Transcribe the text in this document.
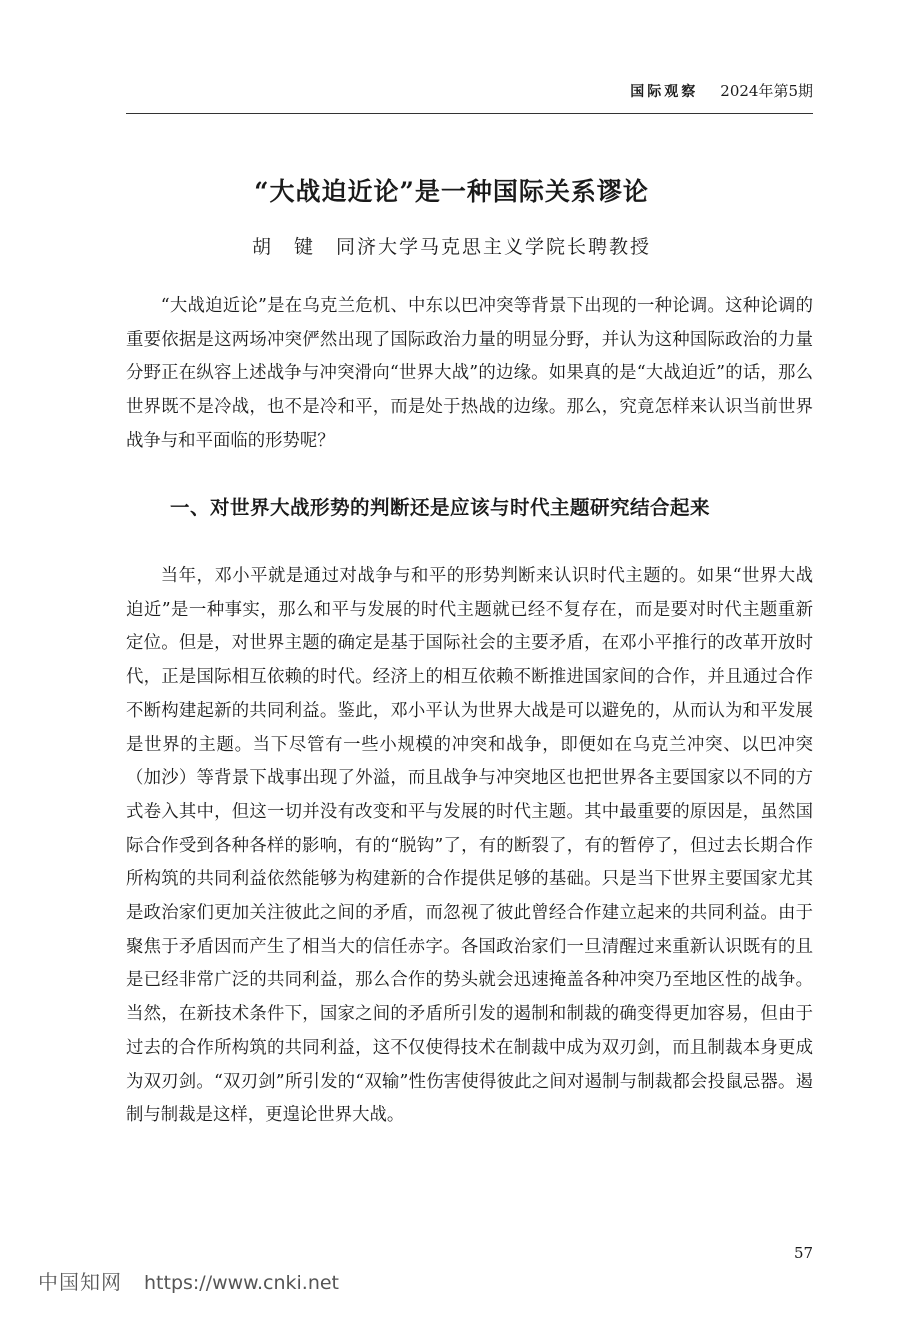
国际观察 2024年第5期
“大战迫近论”是一种国际关系谬论
胡　键　同济大学马克思主义学院长聘教授

“大战迫近论”是在乌克兰危机、中东以巴冲突等背景下出现的一种论调。这种论调的重要依据是这两场冲突俨然出现了国际政治力量的明显分野，并认为这种国际政治的力量分野正在纵容上述战争与冲突滑向“世界大战”的边缘。如果真的是“大战迫近”的话，那么世界既不是冷战，也不是冷和平，而是处于热战的边缘。那么，究竟怎样来认识当前世界战争与和平面临的形势呢？

一、对世界大战形势的判断还是应该与时代主题研究结合起来

当年，邓小平就是通过对战争与和平的形势判断来认识时代主题的。如果“世界大战迫近”是一种事实，那么和平与发展的时代主题就已经不复存在，而是要对时代主题重新定位。但是，对世界主题的确定是基于国际社会的主要矛盾，在邓小平推行的改革开放时代，正是国际相互依赖的时代。经济上的相互依赖不断推进国家间的合作，并且通过合作不断构建起新的共同利益。鉴此，邓小平认为世界大战是可以避免的，从而认为和平发展是世界的主题。当下尽管有一些小规模的冲突和战争，即便如在乌克兰冲突、以巴冲突（加沙）等背景下战事出现了外溢，而且战争与冲突地区也把世界各主要国家以不同的方式卷入其中，但这一切并没有改变和平与发展的时代主题。其中最重要的原因是，虽然国际合作受到各种各样的影响，有的“脱钩”了，有的断裂了，有的暂停了，但过去长期合作所构筑的共同利益依然能够为构建新的合作提供足够的基础。只是当下世界主要国家尤其是政治家们更加关注彼此之间的矛盾，而忽视了彼此曾经合作建立起来的共同利益。由于聚焦于矛盾因而产生了相当大的信任赤字。各国政治家们一旦清醒过来重新认识既有的且是已经非常广泛的共同利益，那么合作的势头就会迅速掩盖各种冲突乃至地区性的战争。当然，在新技术条件下，国家之间的矛盾所引发的遏制和制裁的确变得更加容易，但由于过去的合作所构筑的共同利益，这不仅使得技术在制裁中成为双刃剑，而且制裁本身更成为双刃剑。“双刃剑”所引发的“双输”性伤害使得彼此之间对遏制与制裁都会投鼠忌器。遏制与制裁是这样，更遑论世界大战。

57
中国知网 https://www.cnki.net
